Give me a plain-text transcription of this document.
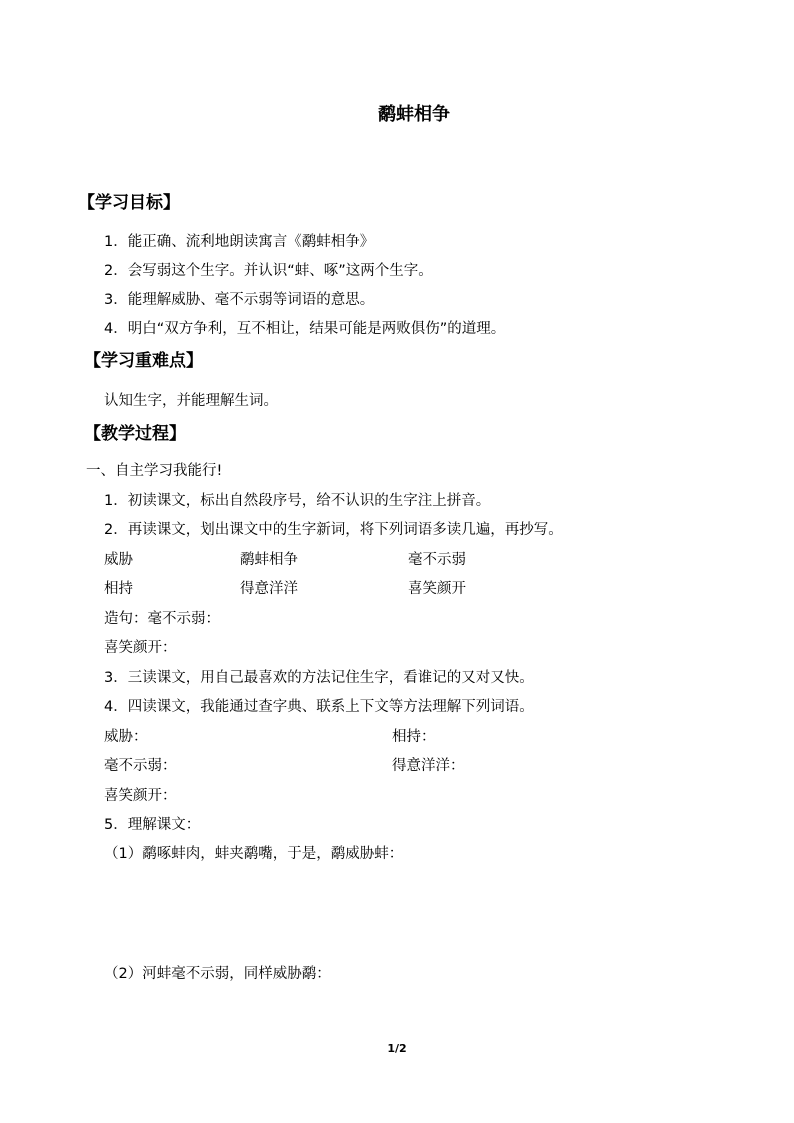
鹬蚌相争
【学习目标】
1．能正确、流利地朗读寓言《鹬蚌相争》
2．会写弱这个生字。并认识“蚌、啄”这两个生字。
3．能理解威胁、毫不示弱等词语的意思。
4．明白“双方争利，互不相让，结果可能是两败俱伤”的道理。
【学习重难点】
认知生字，并能理解生词。
【教学过程】
一、自主学习我能行!
1．初读课文，标出自然段序号，给不认识的生字注上拼音。
2．再读课文，划出课文中的生字新词，将下列词语多读几遍，再抄写。
威胁	鹬蚌相争	毫不示弱
相持	得意洋洋	喜笑颜开
造句：毫不示弱：
喜笑颜开：
3．三读课文，用自己最喜欢的方法记住生字，看谁记的又对又快。
4．四读课文，我能通过查字典、联系上下文等方法理解下列词语。
威胁：	相持：
毫不示弱：	得意洋洋：
喜笑颜开：
5．理解课文：
（1）鹬啄蚌肉，蚌夹鹬嘴，于是，鹬威胁蚌：
（2）河蚌毫不示弱，同样威胁鹬：
1/2
